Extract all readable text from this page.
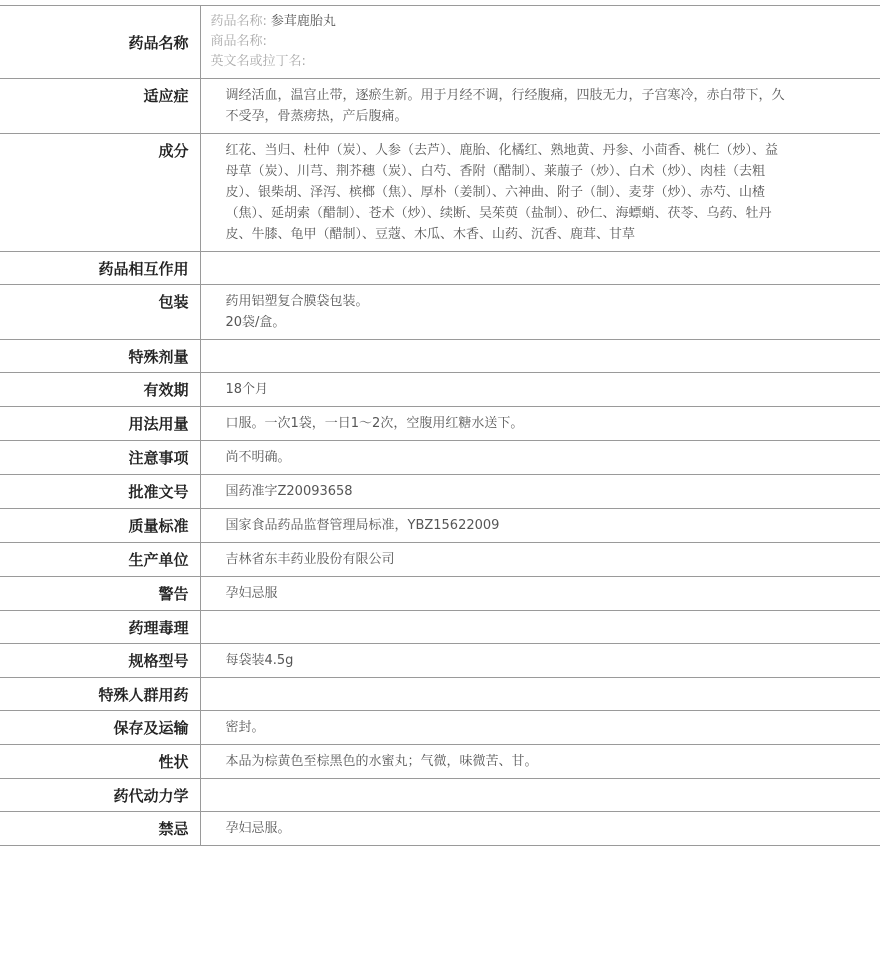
药品名称	药品名称: 参茸鹿胎丸
商品名称:
英文名或拉丁名:

适应症	调经活血，温宫止带，逐瘀生新。用于月经不调，行经腹痛，四肢无力，子宫寒冷，赤白带下，久不受孕，骨蒸痨热，产后腹痛。
成分	红花、当归、杜仲（炭）、人参（去芦）、鹿胎、化橘红、熟地黄、丹参、小茴香、桃仁（炒）、益母草（炭）、川芎、荆芥穗（炭）、白芍、香附（醋制）、莱菔子（炒）、白术（炒）、肉桂（去粗皮）、银柴胡、泽泻、槟榔（焦）、厚朴（姜制）、六神曲、附子（制）、麦芽（炒）、赤芍、山楂（焦）、延胡索（醋制）、苍术（炒）、续断、吴茱萸（盐制）、砂仁、海螵蛸、茯苓、乌药、牡丹皮、牛膝、龟甲（醋制）、豆蔻、木瓜、木香、山药、沉香、鹿茸、甘草
药品相互作用	
包装	药用铝塑复合膜袋包装。
20袋/盒。

特殊剂量	
有效期	18个月
用法用量	口服。一次1袋，一日1～2次，空腹用红糖水送下。
注意事项	尚不明确。
批准文号	国药准字Z20093658
质量标准	国家食品药品监督管理局标准，YBZ15622009
生产单位	吉林省东丰药业股份有限公司
警告	孕妇忌服
药理毒理	
规格型号	每袋装4.5g
特殊人群用药	
保存及运输	密封。
性状	本品为棕黄色至棕黑色的水蜜丸；气微，味微苦、甘。
药代动力学	
禁忌	孕妇忌服。
